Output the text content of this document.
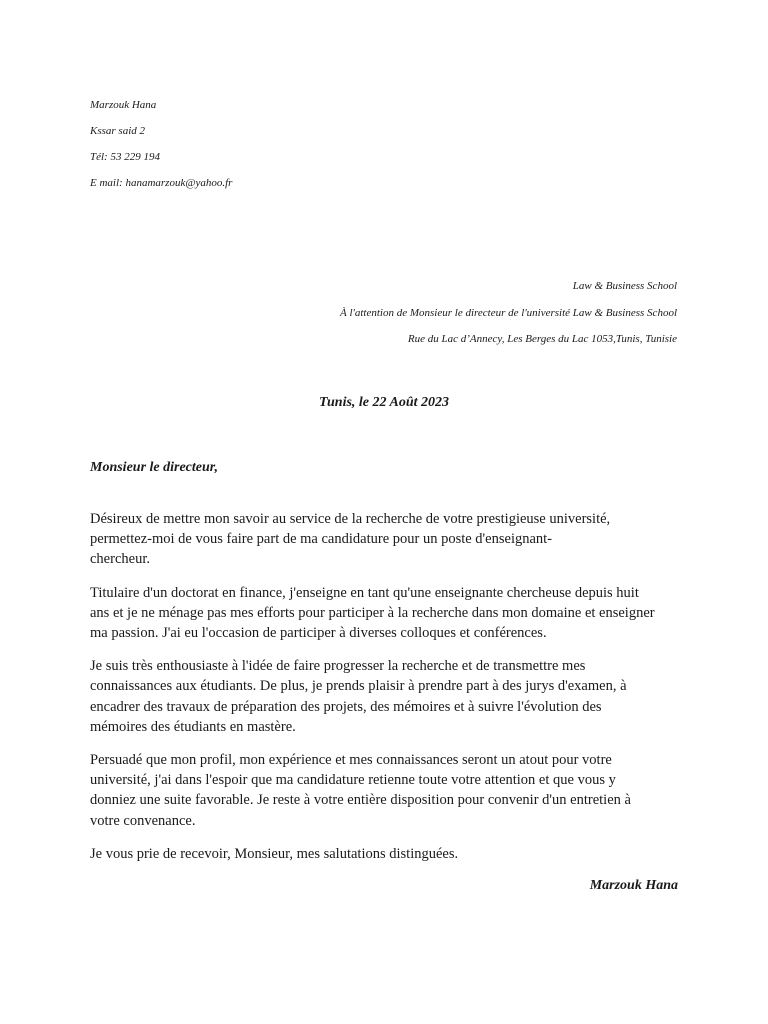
Marzouk Hana
Kssar said 2
Tél: 53 229 194
E mail: hanamarzouk@yahoo.fr
Law & Business School
À l'attention de Monsieur le directeur de l'université Law & Business School
Rue du Lac d’Annecy, Les Berges du Lac 1053,Tunis, Tunisie
Tunis, le 22 Août 2023
Monsieur le directeur,

Désireux de mettre mon savoir au service de la recherche de votre prestigieuse université,
permettez-moi de vous faire part de ma candidature pour un poste d'enseignant-
chercheur.

Titulaire d'un doctorat en finance, j'enseigne en tant qu'une enseignante chercheuse depuis huit
ans et je ne ménage pas mes efforts pour participer à la recherche dans mon domaine et enseigner
ma passion. J'ai eu l'occasion de participer à diverses colloques et conférences.

Je suis très enthousiaste à l'idée de faire progresser la recherche et de transmettre mes
connaissances aux étudiants. De plus, je prends plaisir à prendre part à des jurys d'examen, à
encadrer des travaux de préparation des projets, des mémoires et à suivre l'évolution des
mémoires des étudiants en mastère.

Persuadé que mon profil, mon expérience et mes connaissances seront un atout pour votre
université, j'ai dans l'espoir que ma candidature retienne toute votre attention et que vous y
donniez une suite favorable. Je reste à votre entière disposition pour convenir d'un entretien à
votre convenance.

Je vous prie de recevoir, Monsieur, mes salutations distinguées.

Marzouk Hana
